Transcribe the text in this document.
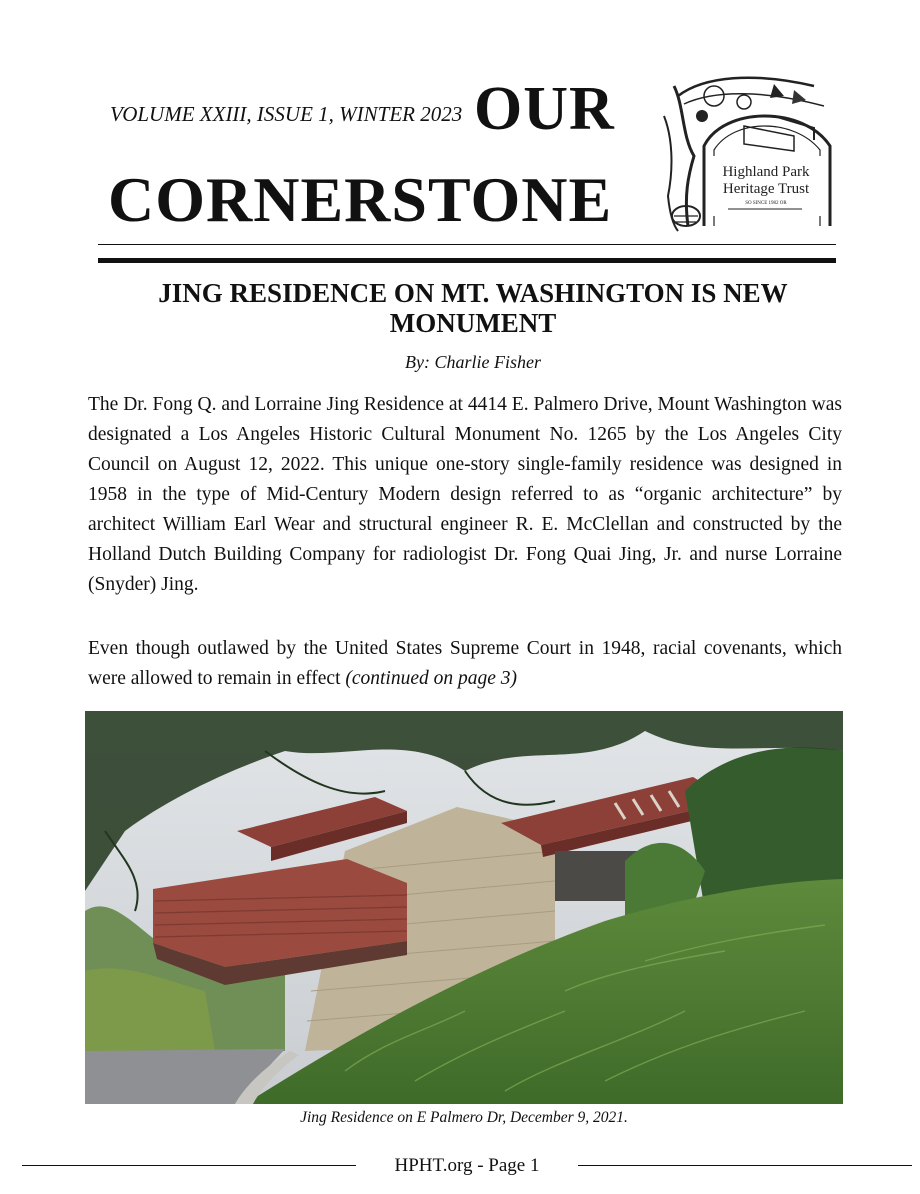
VOLUME XXIII, ISSUE 1, WINTER 2023 OUR
CORNERSTONE	Highland Park
Heritage Trust
SO SINCE 1982 OR
JING RESIDENCE ON MT. WASHINGTON IS NEW MONUMENT
By: Charlie Fisher

The Dr. Fong Q. and Lorraine Jing Residence at 4414 E. Palmero Drive, Mount Washington was designated a Los Angeles Historic Cultural Monument No. 1265 by the Los Angeles City Council on August 12, 2022. This unique one-story single-family residence was designed in 1958 in the type of Mid-Century Modern design referred to as “organic architecture” by architect William Earl Wear and structural engineer R. E. McClellan and constructed by the Holland Dutch Building Company for radiologist Dr. Fong Quai Jing, Jr. and nurse Lorraine (Snyder) Jing.

Even though outlawed by the United States Supreme Court in 1948, racial covenants, which were allowed to remain in effect (continued on page 3)

Jing Residence on E Palmero Dr, December 9, 2021.
HPHT.org - Page 1
